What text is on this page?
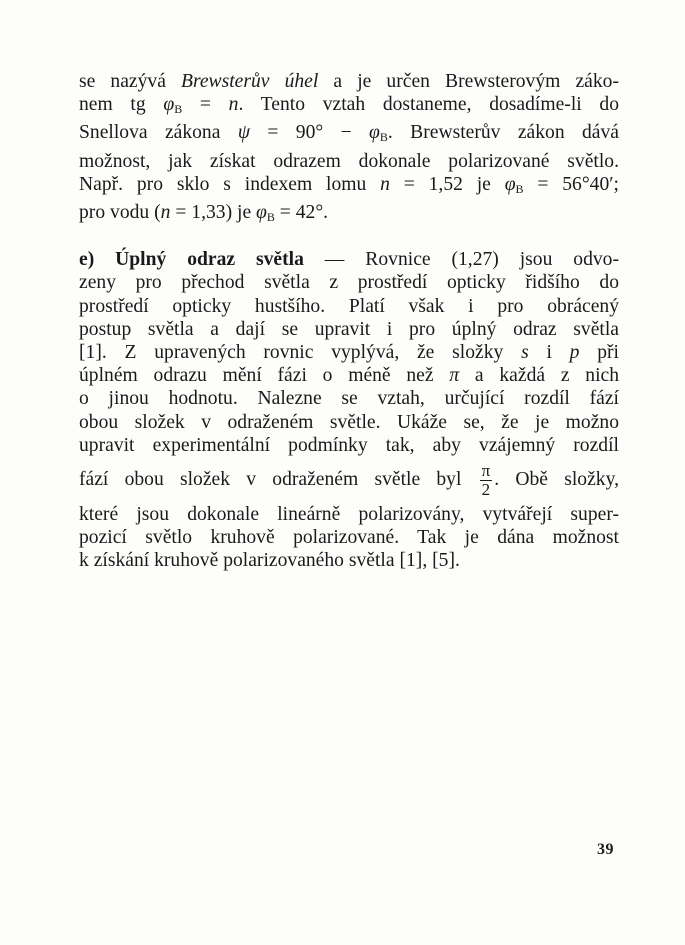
se nazývá Brewsterův úhel a je určen Brewsterovým záko-
nem tg $\varphi_B = n$. Tento vztah dostaneme, dosadíme-li do
Snellova zákona $\psi = 90^\circ - \varphi_B$. Brewsterův zákon dává
možnost, jak získat odrazem dokonale polarizované světlo.
Např. pro sklo s indexem lomu n = 1,52 je $\varphi_B = 56^\circ 40'$;
pro vodu (n = 1,33) je $\varphi_B = 42^\circ$.

e) Úplný odraz světla — Rovnice (1,27) jsou odvo-
zeny pro přechod světla z prostředí opticky řidšího do
prostředí opticky hustšího. Platí však i pro obrácený
postup světla a dají se upravit i pro úplný odraz světla
[1]. Z upravených rovnic vyplývá, že složky s i p při
úplném odrazu mění fázi o méně než π a každá z nich
o jinou hodnotu. Nalezne se vztah, určující rozdíl fází
obou složek v odraženém světle. Ukáže se, že je možno
upravit experimentální podmínky tak, aby vzájemný rozdíl
fází obou složek v odraženém světle byl $\frac{\pi}{2}$ . Obě složky,
které jsou dokonale lineárně polarizovány, vytvářejí super-
pozicí světlo kruhově polarizované. Tak je dána možnost
k získání kruhově polarizovaného světla [1], [5].

39
